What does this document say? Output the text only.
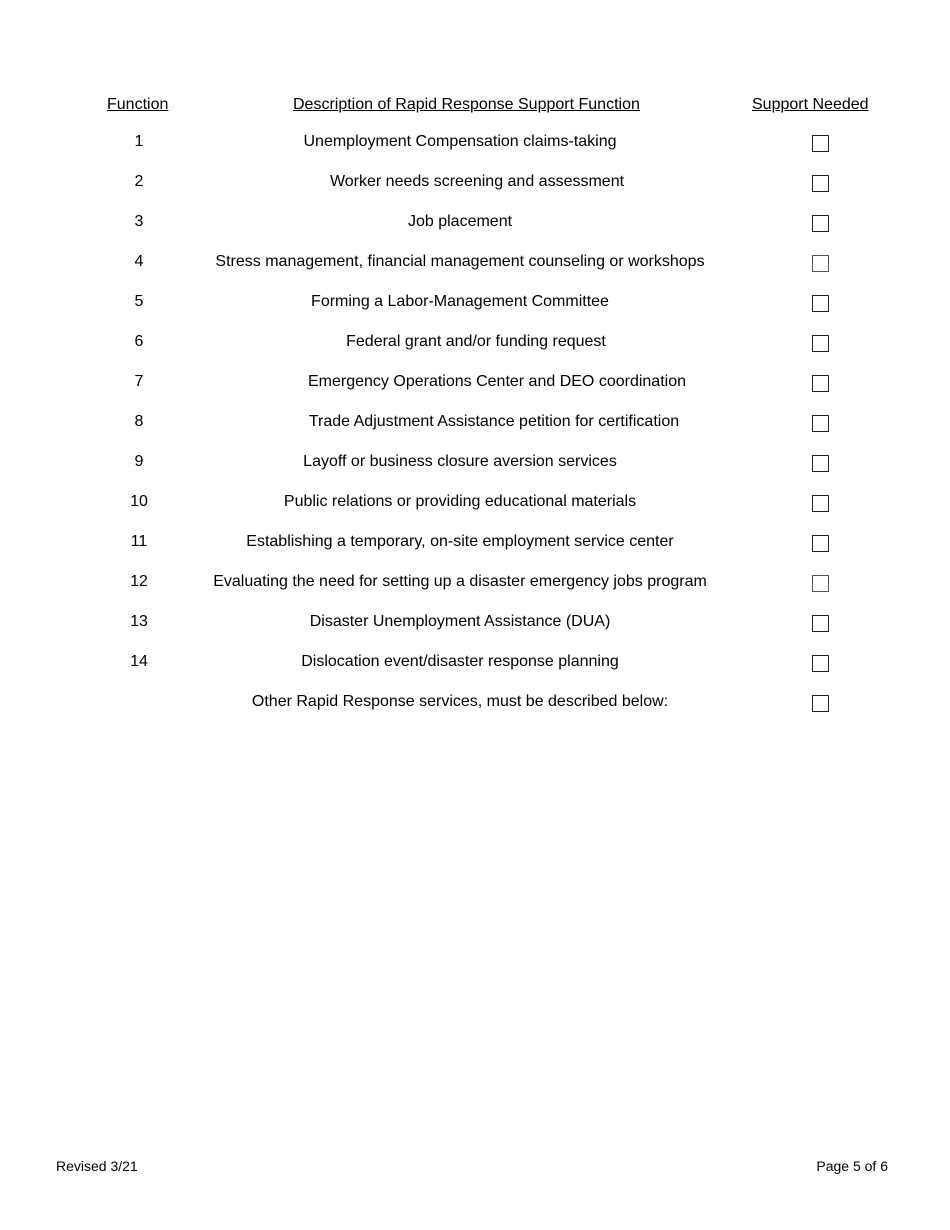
Function	Description of Rapid Response Support Function	Support Needed
1	Unemployment Compensation claims-taking
2	Worker needs screening and assessment
3	Job placement
4	Stress management, financial management counseling or workshops
5	Forming a Labor-Management Committee
6	Federal grant and/or funding request
7	Emergency Operations Center and DEO coordination
8	Trade Adjustment Assistance petition for certification
9	Layoff or business closure aversion services
10	Public relations or providing educational materials
11	Establishing a temporary, on-site employment service center
12	Evaluating the need for setting up a disaster emergency jobs program
13	Disaster Unemployment Assistance (DUA)
14	Dislocation event/disaster response planning
Other Rapid Response services, must be described below:
Revised 3/21	Page 5 of 6
